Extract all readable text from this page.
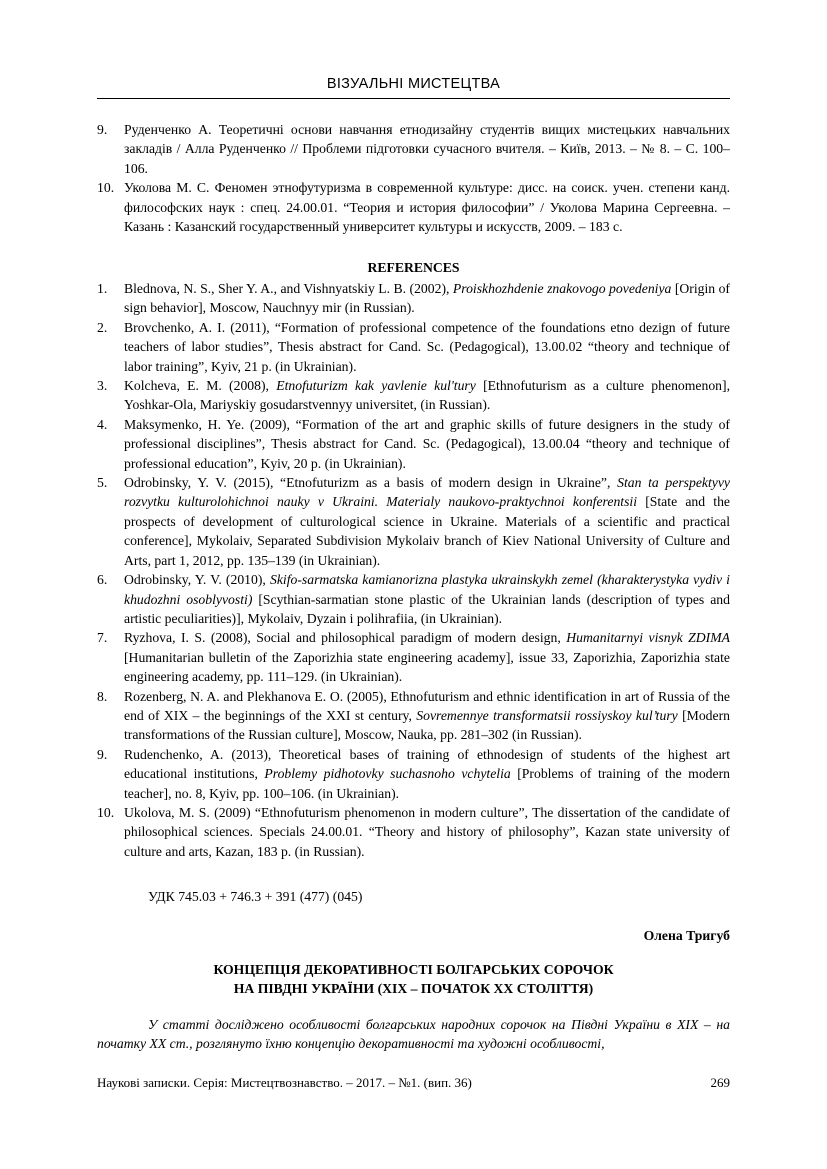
ВІЗУАЛЬНІ МИСТЕЦТВА
9. Руденченко А. Теоретичні основи навчання етнодизайну студентів вищих мистецьких навчальних закладів / Алла Руденченко // Проблеми підготовки сучасного вчителя. – Київ, 2013. – № 8. – С. 100–106.
10. Уколова М. С. Феномен этнофутуризма в современной культуре: дисс. на соиск. учен. степени канд. философских наук : спец. 24.00.01. “Теория и история философии” / Уколова Марина Сергеевна. – Казань : Казанский государственный университет культуры и искусств, 2009. – 183 с.
REFERENCES
1. Blednova, N. S., Sher Y. A., and Vishnyatskiy L. B. (2002), Proiskhozhdenie znakovogo povedeniya [Origin of sign behavior], Moscow, Nauchnyy mir (in Russian).
2. Brovchenko, A. I. (2011), “Formation of professional competence of the foundations etno dezign of future teachers of labor studies”, Thesis abstract for Cand. Sc. (Pedagogical), 13.00.02 “theory and technique of labor training”, Kyiv, 21 p. (in Ukrainian).
3. Kolcheva, E. M. (2008), Etnofuturizm kak yavlenie kul'tury [Ethnofuturism as a culture phenomenon], Yoshkar-Ola, Mariyskiy gosudarstvennyy universitet, (in Russian).
4. Maksymenko, H. Ye. (2009), “Formation of the art and graphic skills of future designers in the study of professional disciplines”, Thesis abstract for Cand. Sc. (Pedagogical), 13.00.04 “theory and technique of professional education”, Kyiv, 20 p. (in Ukrainian).
5. Odrobinsky, Y. V. (2015), “Etnofuturizm as a basis of modern design in Ukraine”, Stan ta perspektyvy rozvytku kulturolohichnoi nauky v Ukraini. Materialy naukovo-praktychnoi konferentsii [State and the prospects of development of culturological science in Ukraine. Materials of a scientific and practical conference], Mykolaiv, Separated Subdivision Mykolaiv branch of Kiev National University of Culture and Arts, part 1, 2012, pp. 135–139 (in Ukrainian).
6. Odrobinsky, Y. V. (2010), Skifo-sarmatska kamianorizna plastyka ukrainskykh zemel (kharakterystyka vydiv i khudozhni osoblyvosti) [Scythian-sarmatian stone plastic of the Ukrainian lands (description of types and artistic peculiarities)], Mykolaiv, Dyzain i polihrafiia, (in Ukrainian).
7. Ryzhova, I. S. (2008), Social and philosophical paradigm of modern design, Humanitarnyi visnyk ZDIMA [Humanitarian bulletin of the Zaporizhia state engineering academy], issue 33, Zaporizhia, Zaporizhia state engineering academy, pp. 111–129. (in Ukrainian).
8. Rozenberg, N. A. and Plekhanova E. O. (2005), Ethnofuturism and ethnic identification in art of Russia of the end of XIX – the beginnings of the XXI st century, Sovremennye transformatsii rossiyskoy kul’tury [Modern transformations of the Russian culture], Moscow, Nauka, pp. 281–302 (in Russian).
9. Rudenchenko, A. (2013), Theoretical bases of training of ethnodesign of students of the highest art educational institutions, Problemy pidhotovky suchasnoho vchytelia [Problems of training of the modern teacher], no. 8, Kyiv, pp. 100–106. (in Ukrainian).
10. Ukolova, M. S. (2009) “Ethnofuturism phenomenon in modern culture”, The dissertation of the candidate of philosophical sciences. Specials 24.00.01. “Theory and history of philosophy”, Kazan state university of culture and arts, Kazan, 183 p. (in Russian).
УДК 745.03 + 746.3 + 391 (477) (045)
Олена Тригуб
КОНЦЕПЦІЯ ДЕКОРАТИВНОСТІ БОЛГАРСЬКИХ СОРОЧОК
НА ПІВДНІ УКРАЇНИ (XIX – ПОЧАТОК XX СТОЛІТТЯ)
У статті досліджено особливості болгарських народних сорочок на Півдні України в XIX – на початку XX ст., розглянуто їхню концепцію декоративності та художні особливості,
Наукові записки. Серія: Мистецтвознавство. – 2017. – №1. (вип. 36)	269
